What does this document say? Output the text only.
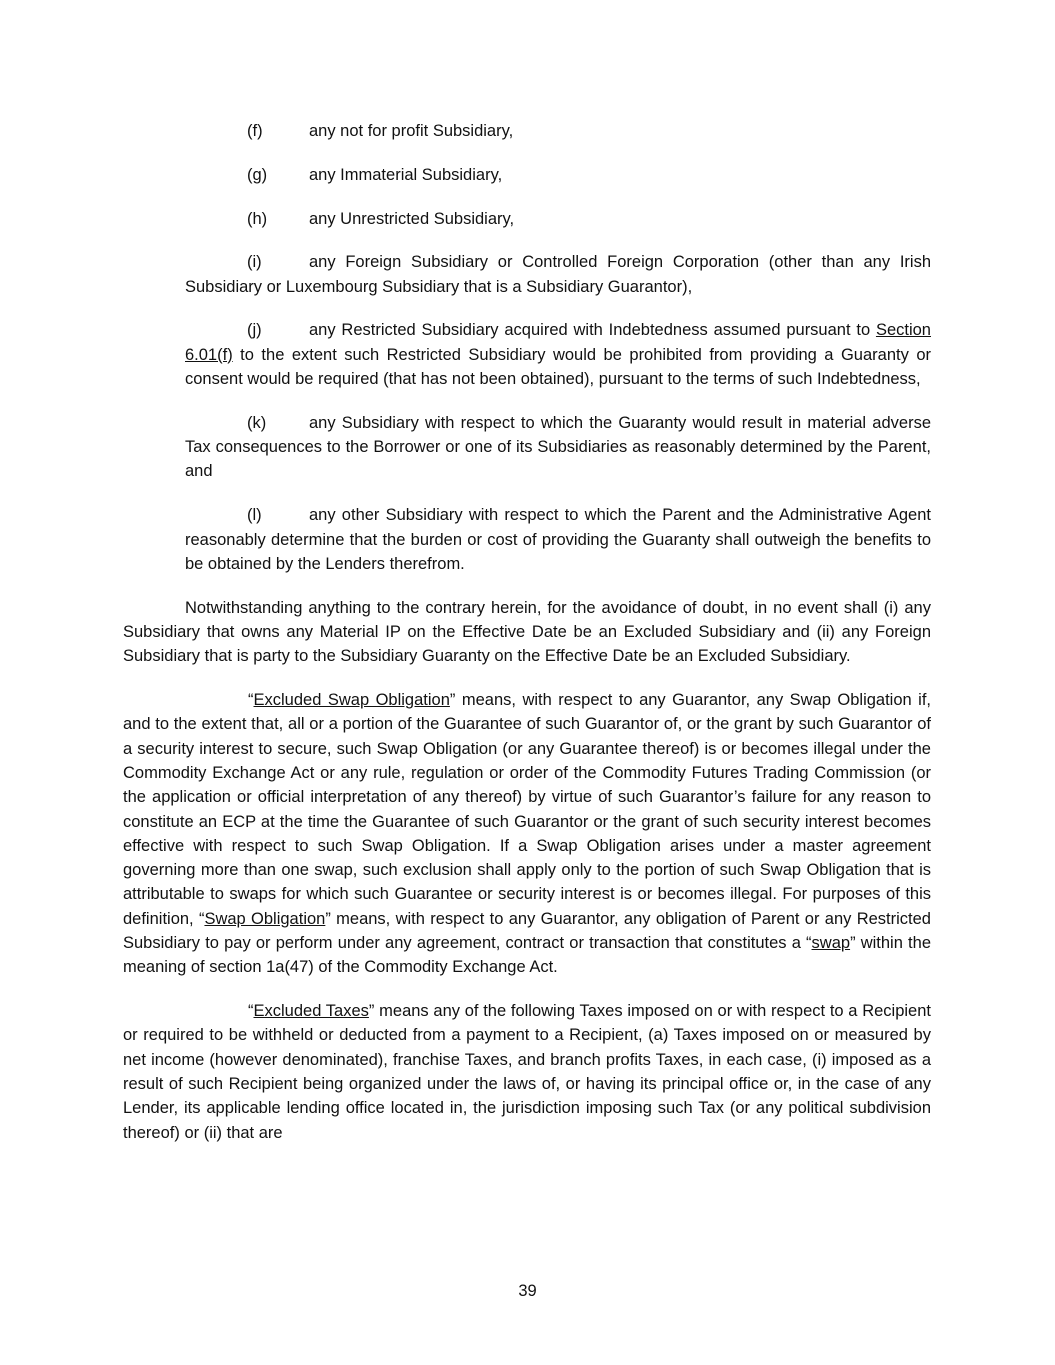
(f)	any not for profit Subsidiary,
(g)	any Immaterial Subsidiary,
(h)	any Unrestricted Subsidiary,
(i)	any Foreign Subsidiary or Controlled Foreign Corporation (other than any Irish Subsidiary or Luxembourg Subsidiary that is a Subsidiary Guarantor),
(j)	any Restricted Subsidiary acquired with Indebtedness assumed pursuant to Section 6.01(f) to the extent such Restricted Subsidiary would be prohibited from providing a Guaranty or consent would be required (that has not been obtained), pursuant to the terms of such Indebtedness,
(k)	any Subsidiary with respect to which the Guaranty would result in material adverse Tax consequences to the Borrower or one of its Subsidiaries as reasonably determined by the Parent, and
(l)	any other Subsidiary with respect to which the Parent and the Administrative Agent reasonably determine that the burden or cost of providing the Guaranty shall outweigh the benefits to be obtained by the Lenders therefrom.
Notwithstanding anything to the contrary herein, for the avoidance of doubt, in no event shall (i) any Subsidiary that owns any Material IP on the Effective Date be an Excluded Subsidiary and (ii) any Foreign Subsidiary that is party to the Subsidiary Guaranty on the Effective Date be an Excluded Subsidiary.
“Excluded Swap Obligation” means, with respect to any Guarantor, any Swap Obligation if, and to the extent that, all or a portion of the Guarantee of such Guarantor of, or the grant by such Guarantor of a security interest to secure, such Swap Obligation (or any Guarantee thereof) is or becomes illegal under the Commodity Exchange Act or any rule, regulation or order of the Commodity Futures Trading Commission (or the application or official interpretation of any thereof) by virtue of such Guarantor’s failure for any reason to constitute an ECP at the time the Guarantee of such Guarantor or the grant of such security interest becomes effective with respect to such Swap Obligation. If a Swap Obligation arises under a master agreement governing more than one swap, such exclusion shall apply only to the portion of such Swap Obligation that is attributable to swaps for which such Guarantee or security interest is or becomes illegal. For purposes of this definition, “Swap Obligation” means, with respect to any Guarantor, any obligation of Parent or any Restricted Subsidiary to pay or perform under any agreement, contract or transaction that constitutes a “swap” within the meaning of section 1a(47) of the Commodity Exchange Act.
“Excluded Taxes” means any of the following Taxes imposed on or with respect to a Recipient or required to be withheld or deducted from a payment to a Recipient, (a) Taxes imposed on or measured by net income (however denominated), franchise Taxes, and branch profits Taxes, in each case, (i) imposed as a result of such Recipient being organized under the laws of, or having its principal office or, in the case of any Lender, its applicable lending office located in, the jurisdiction imposing such Tax (or any political subdivision thereof) or (ii) that are
39
